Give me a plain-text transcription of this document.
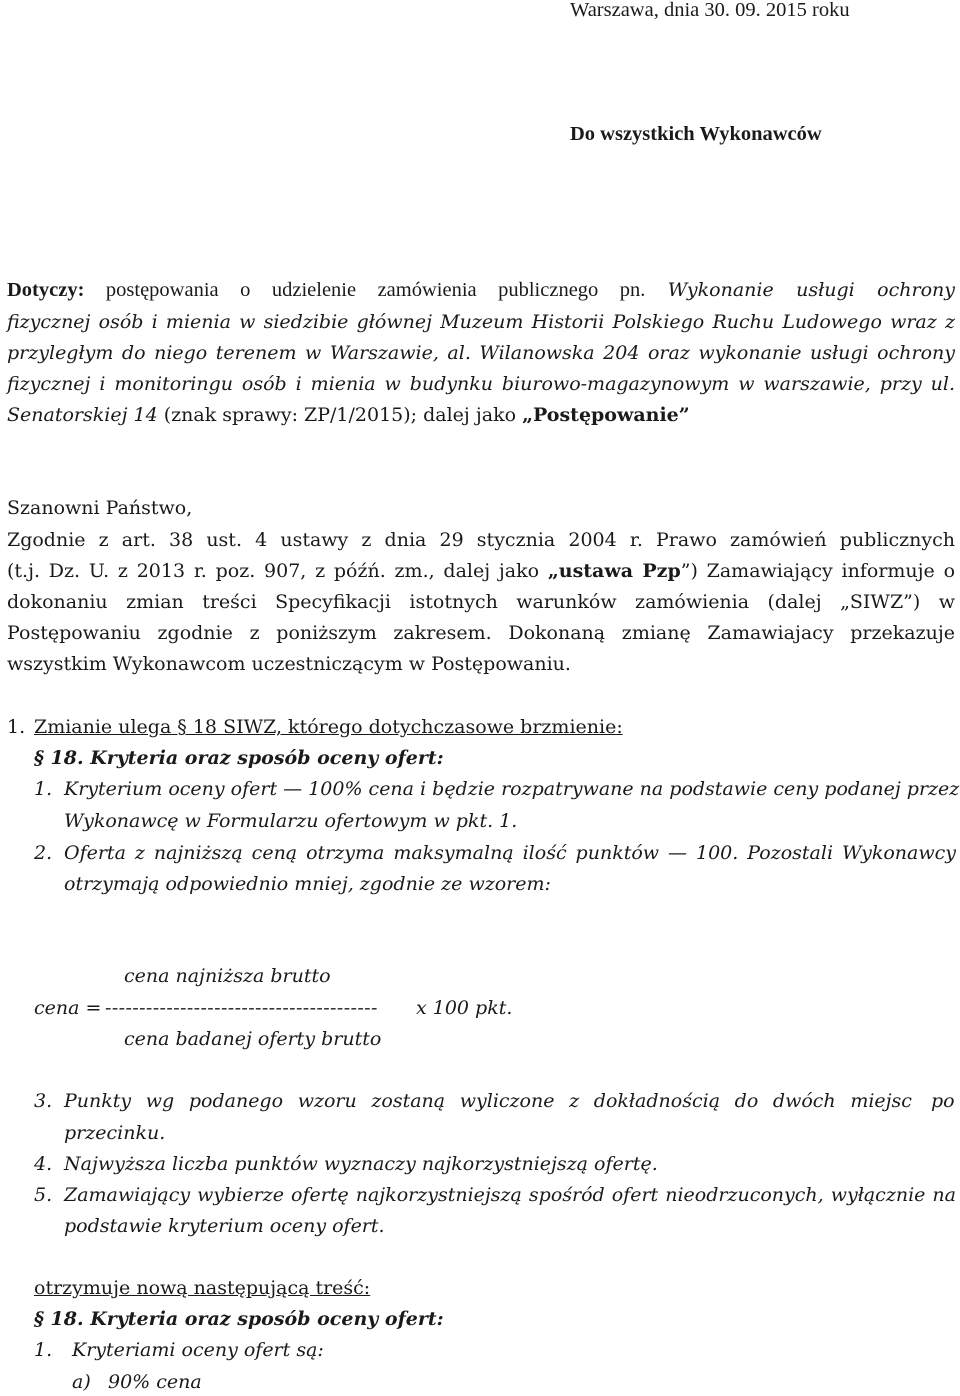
Warszawa, dnia 30. 09. 2015 roku
Do wszystkich Wykonawców
Dotyczy: postępowania o udzielenie zamówienia publicznego pn. Wykonanie usługi ochrony
fizycznej osób i mienia w siedzibie głównej Muzeum Historii Polskiego Ruchu Ludowego wraz z
przyległym do niego terenem w Warszawie, al. Wilanowska 204 oraz wykonanie usługi ochrony
fizycznej i monitoringu osób i mienia w budynku biurowo-magazynowym w warszawie, przy ul.
Senatorskiej 14 (znak sprawy: ZP/1/2015); dalej jako „Postępowanie”
Szanowni Państwo,
Zgodnie z art. 38 ust. 4 ustawy z dnia 29 stycznia 2004 r. Prawo zamówień publicznych
(t.j. Dz. U. z 2013 r. poz. 907, z późń. zm., dalej jako „ustawa Pzp”) Zamawiający informuje o
dokonaniu zmian treści Specyfikacji istotnych warunków zamówienia (dalej „SIWZ”) w
Postępowaniu zgodnie z poniższym zakresem. Dokonaną zmianę Zamawiajacy przekazuje
wszystkim Wykonawcom uczestniczącym w Postępowaniu.
1. Zmianie ulega § 18 SIWZ, którego dotychczasowe brzmienie:
§ 18. Kryteria oraz sposób oceny ofert:
1. Kryterium oceny ofert — 100% cena i będzie rozpatrywane na podstawie ceny podanej przez
Wykonawcę w Formularzu ofertowym w pkt. 1.
2. Oferta z najniższą ceną otrzyma maksymalną ilość punktów — 100. Pozostali Wykonawcy
otrzymają odpowiednio mniej, zgodnie ze wzorem:
cena najniższa brutto
cena = ---------------------------------------- x 100 pkt.
cena badanej oferty brutto
3. Punkty wg podanego wzoru zostaną wyliczone z dokładnością do dwóch miejsc po
przecinku.
4. Najwyższa liczba punktów wyznaczy najkorzystniejszą ofertę.
5. Zamawiający wybierze ofertę najkorzystniejszą spośród ofert nieodrzuconych, wyłącznie na
podstawie kryterium oceny ofert.
otrzymuje nową następującą treść:
§ 18. Kryteria oraz sposób oceny ofert:
1. Kryteriami oceny ofert są:
a) 90% cena
